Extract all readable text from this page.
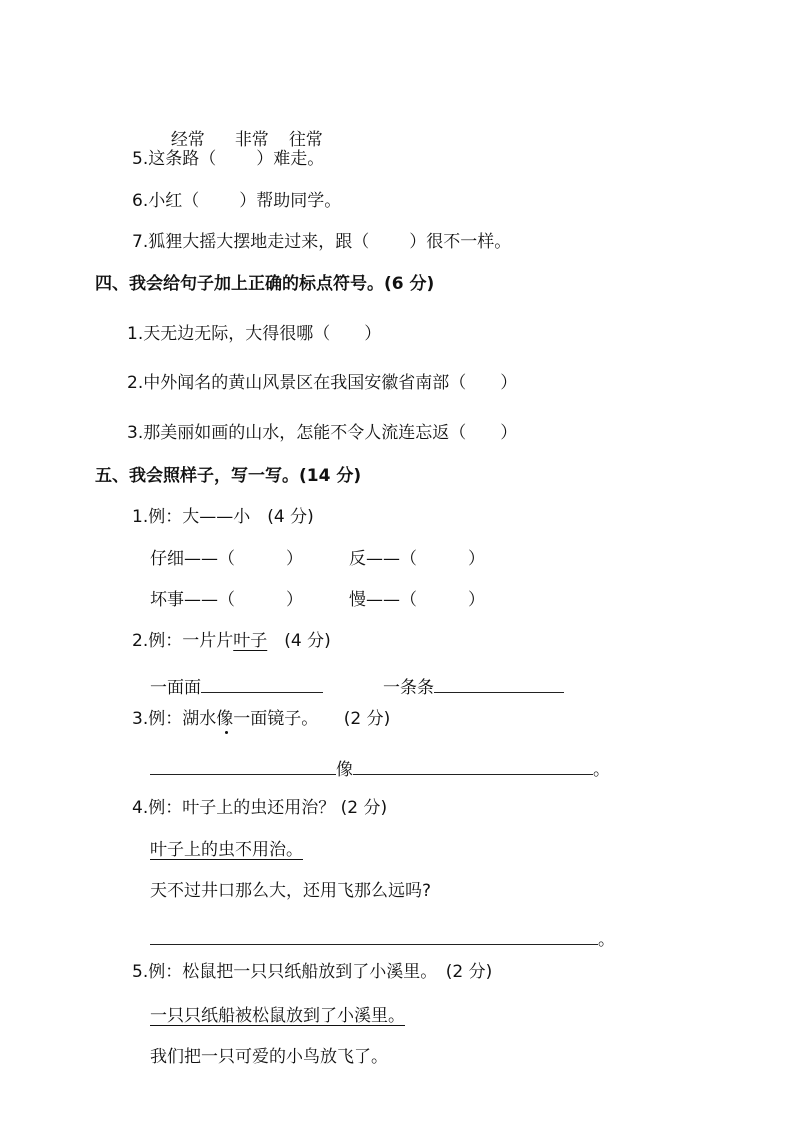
经常 非常 往常

5.这条路（ ）难走。
6.小红（ ）帮助同学。
7.狐狸大摇大摆地走过来，跟（ ）很不一样。
四、我会给句子加上正确的标点符号。(6 分)
1.天无边无际，大得很哪（　　）
2.中外闻名的黄山风景区在我国安徽省南部（　　）
3.那美丽如画的山水，怎能不令人流连忘返（　　）
五、我会照样子，写一写。(14 分)
1.例：大——小　(4 分)
仔细——（　　　）	反——（　　　）
坏事——（　　　）	慢——（　　　）
2.例：一片片叶子　 (4 分)
一面面	一条条
3.例：湖水像一面镜子。　　 (2 分)
像	。
4.例：叶子上的虫还用治？ (2 分)
叶子上的虫不用治。
天不过井口那么大，还用飞那么远吗?
。
5.例：松鼠把一只只纸船放到了小溪里。　(2 分)
一只只纸船被松鼠放到了小溪里。
我们把一只可爱的小鸟放飞了。
